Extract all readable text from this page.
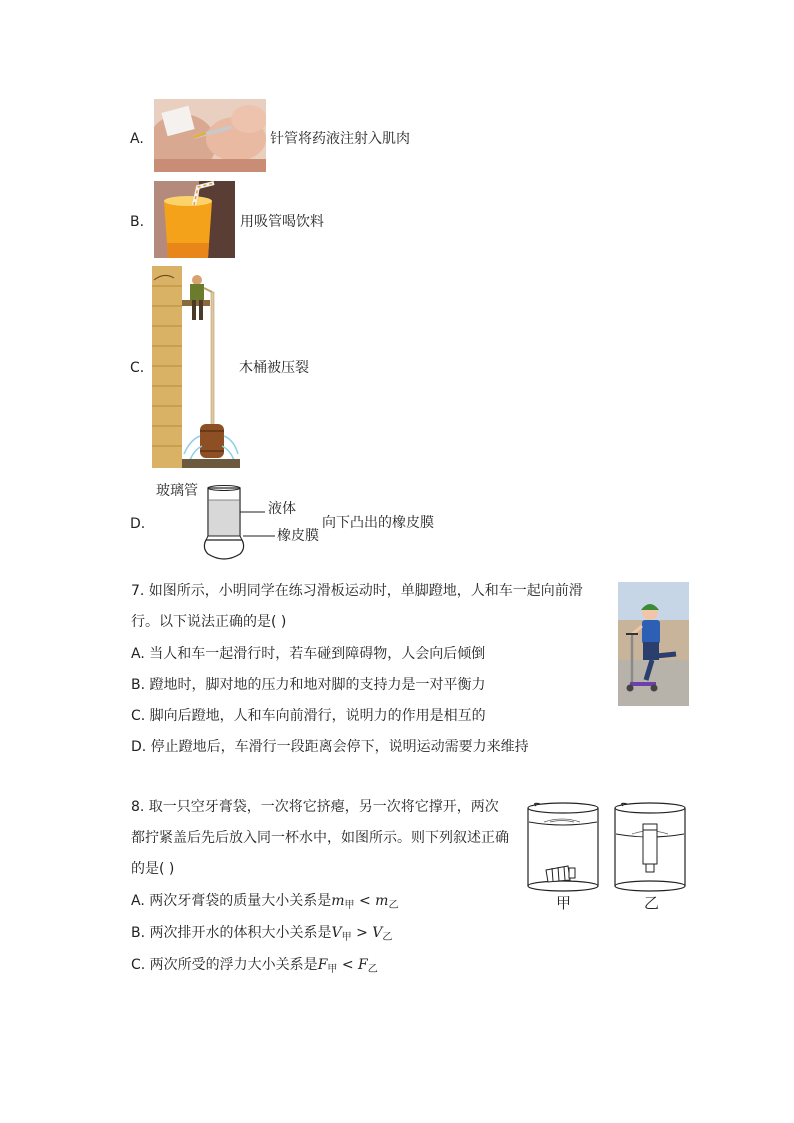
A.	针管将药液注射入肌肉
B.	用吸管喝饮料
C.	木桶被压裂
D.
玻璃管
液体
橡皮膜
向下凸出的橡皮膜
7. 如图所示，小明同学在练习滑板运动时，单脚蹬地，人和车一起向前滑
行。以下说法正确的是( )
A. 当人和车一起滑行时，若车碰到障碍物，人会向后倾倒
B. 蹬地时，脚对地的压力和地对脚的支持力是一对平衡力
C. 脚向后蹬地，人和车向前滑行，说明力的作用是相互的
D. 停止蹬地后，车滑行一段距离会停下，说明运动需要力来维持
8. 取一只空牙膏袋，一次将它挤瘪，另一次将它撑开，两次
都拧紧盖后先后放入同一杯水中，如图所示。则下列叙述正确
的是( )
A. 两次牙膏袋的质量大小关系是$m_甲 < m_乙$
B. 两次排开水的体积大小关系是$V_甲 > V_乙$
C. 两次所受的浮力大小关系是$F_甲 < F_乙$
甲	乙
